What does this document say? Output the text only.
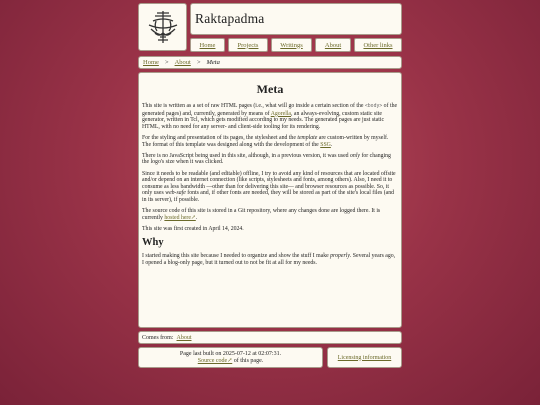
Raktapadma
Home	Projects	Writings	About	Other links
Home > About > Meta
Meta

This site is written as a set of raw HTML pages (i.e., what will go inside a certain section of the <body> of the generated pages) and, currently, generated by means of Agorella, an always-evolving, custom static site generator, written in Tcl, which gets modified according to my needs. The generated pages are just static HTML, with no need for any server- and client-side tooling for its rendering.

For the styling and presentation of its pages, the stylesheet and the template are custom-written by myself. The format of this template was designed along with the development of the SSG.

There is no JavaScript being used in this site, although, in a previous version, it was used only for changing the logo's size when it was clicked.

Since it needs to be readable (and editable) offline, I try to avoid any kind of resources that are located offsite and/or depend on an internet connection (like scripts, stylesheets and fonts, among others). Also, I need it to consume as less bandwidth —other than for delivering this site— and browser resources as possible. So, it only uses web-safe fonts and, if other fonts are needed, they will be stored as part of the site's local files (and in its server), if possible.

The source code of this site is stored in a Git repository, where any changes done are logged there. It is currently hosted here↗.

This site was first created in April 14, 2024.

Why

I started making this site because I needed to organize and show the stuff I make properly. Several years ago, I opened a blog-only page, but it turned out to not be fit at all for my needs.

Comes from: About
Page last built on 2025-07-12 at 02:07:31.
Source code↗ of this page.
Licensing information
